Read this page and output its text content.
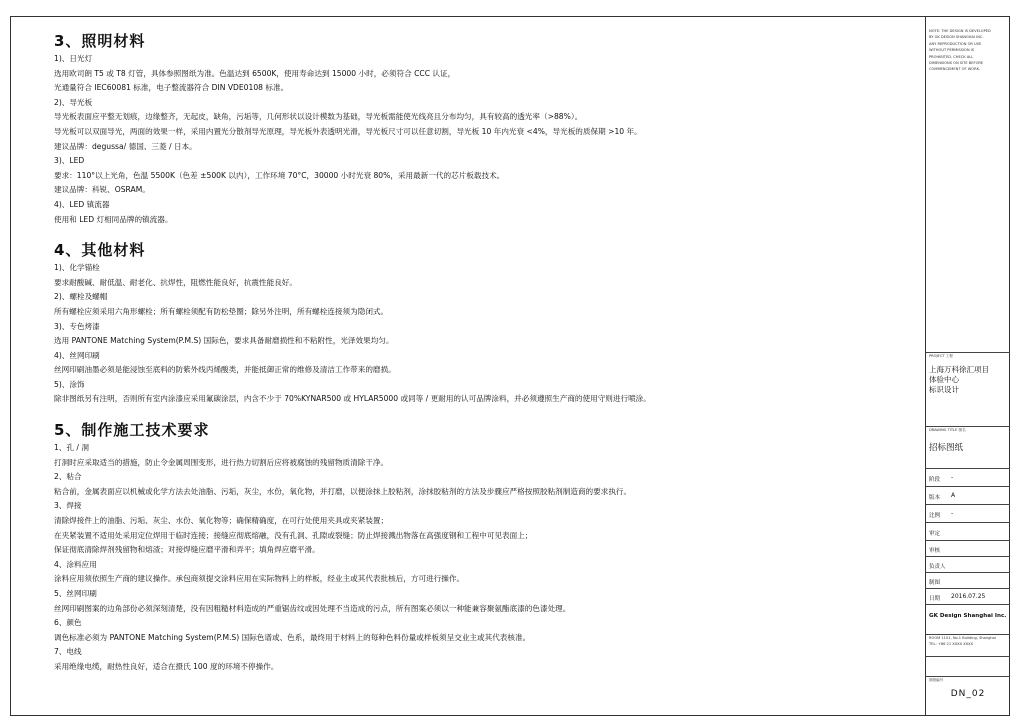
3、照明材料
1)、日光灯
选用欧司朗 T5 或 T8 灯管，具体参照图纸为准。色温达到 6500K，使用寿命达到 15000 小时，必须符合 CCC 认证，
光通量符合 IEC60081 标准，电子整流器符合 DIN VDE0108 标准。
2)、导光板
导光板表面应平整无划痕，边缘整齐，无起皮，缺角，污垢等，几何形状以设计模数为基础，导光板需能使光线亮且分布均匀，具有较高的透光率（>88%）。
导光板可以双面导光，两面的效果一样，采用内置光分散剂导光原理，导光板外表透明光滑，导光板尺寸可以任意切割，导光板 10 年内光衰 <4%，导光板的质保期 >10 年。
建议品牌：degussa/ 德国、三菱 / 日本。
3)、LED
要求：110°以上光角，色温 5500K（色差 ±500K 以内），工作环境 70°C，30000 小时光衰 80%，采用最新一代的芯片板载技术。
建议品牌：科锐、OSRAM。
4)、LED 镇流器
使用和 LED 灯相同品牌的镇流器。
4、其他材料
1)、化学锚栓
要求耐酸碱、耐低温、耐老化、抗焊性，阻燃性能良好，抗震性能良好。
2)、螺栓及螺帽
所有螺栓应须采用六角形螺栓；所有螺栓须配有防松垫圈；除另外注明，所有螺栓连接须为隐闭式。
3)、专色烤漆
选用 PANTONE Matching System(P.M.S) 国际色，要求具备耐磨损性和不粘附性，光泽效果均匀。
4)、丝网印刷
丝网印刷油墨必须是能浸蚀至底料的防紫外线丙烯酸类，并能抵御正常的维修及清洁工作带来的磨损。
5)、涂饰
除非图纸另有注明，否则所有室内涂漆应采用氟碳涂层，内含不少于 70%KYNAR500 或 HYLAR5000 或同等 / 更耐用的认可品牌涂料，并必须遵照生产商的使用守则进行喷涂。
5、制作施工技术要求
1、孔 / 洞
打洞时应采取适当的措施，防止令金属周围变形，进行热力切割后应将被腐蚀的残留物质清除干净。
2、粘合
粘合前，金属表面应以机械或化学方法去处油脂、污垢，灰尘，水份，氧化物，并打磨，以便涂抹上胶粘剂，涂抹胶粘剂的方法及步骤应严格按照胶粘剂制造商的要求执行。
3、焊接
清除焊接件上的油脂、污垢、灰尘、水份、氧化物等；确保精确度，在可行处使用夹具或夹紧装置；
在夹紧装置不适用处采用定位焊用于临时连接；接缝应彻底熔融，没有孔洞、孔隙或裂缝；防止焊接溅出物落在高强度钢和工程中可见表面上；
保证彻底清除焊剂残留物和熔渣；对接焊缝应磨平滑和弄平；填角焊应磨平滑。
4、涂料应用
涂料应用须依照生产商的建议操作。承包商须提交涂料应用在实际物料上的样板，经业主或其代表批核后，方可进行操作。
5、丝网印刷
丝网印刷图案的边角部份必须深刻清楚，没有因粗糙材料造成的严重锯齿纹或因处理不当造成的污点，所有图案必须以一种能兼容聚氨酯底漆的色漆处理。
6、颜色
调色标准必须为 PANTONE Matching System(P.M.S) 国际色谱或、色系，最终用于材料上的每种色料份量或样板须呈交业主或其代表核准。
7、电线
采用绝缘电缆，耐热性良好，适合在摄氏 100 度的环境不停操作。
NOTE: THE DESIGN IS DEVELOPED
BY GK DESIGN SHANGHAI INC.
ANY REPRODUCTION OR USE
WITHOUT PERMISSION IS
PROHIBITED. CHECK ALL
DIMENSIONS ON SITE BEFORE
COMMENCEMENT OF WORK.
PROJECT 工程
上海万科徐汇项目
体验中心
标识设计
DRAWING TITLE 图名
招标图纸
阶段 -
版本 A
比例 -
审定
审核
负责人
制图
日期 2016.07.25
GK Design Shanghai Inc.
ROOM 1101, No.1 Building, Shanghai
TEL: +86 21 XXXX XXXX
图纸编号
DN_02
